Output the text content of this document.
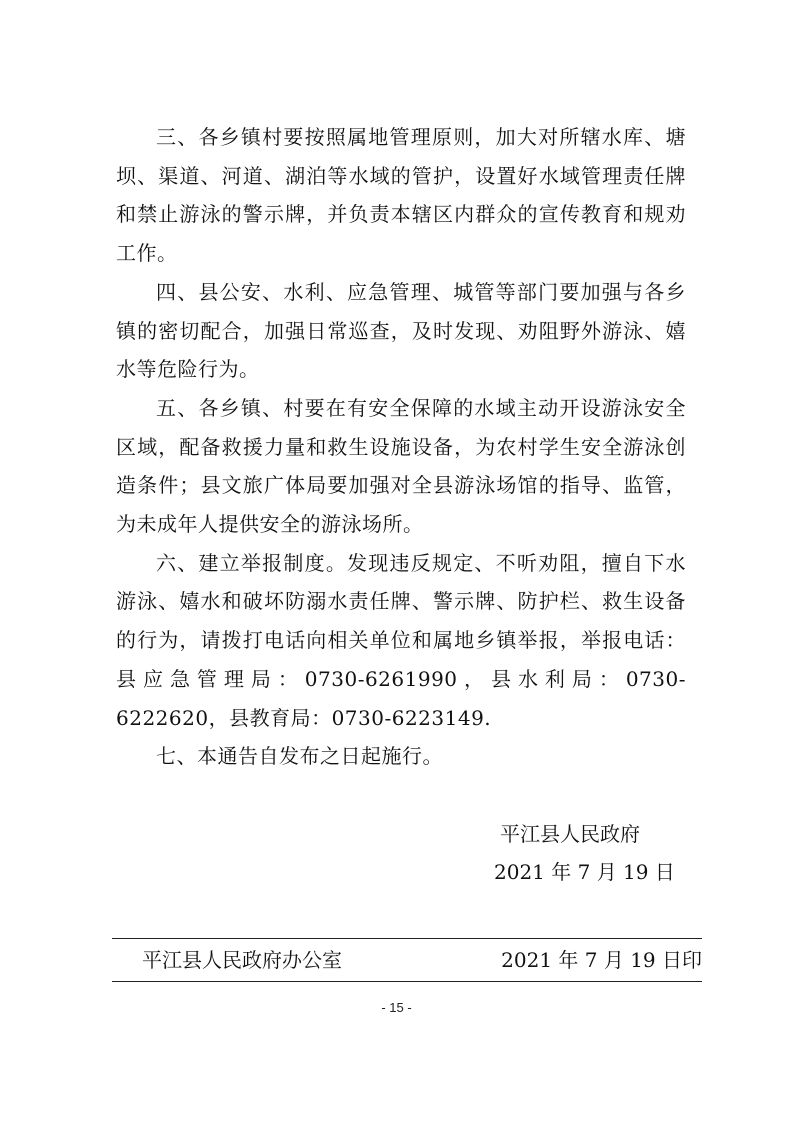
三、各乡镇村要按照属地管理原则，加大对所辖水库、塘坝、渠道、河道、湖泊等水域的管护，设置好水域管理责任牌和禁止游泳的警示牌，并负责本辖区内群众的宣传教育和规劝工作。

四、县公安、水利、应急管理、城管等部门要加强与各乡镇的密切配合，加强日常巡查，及时发现、劝阻野外游泳、嬉水等危险行为。

五、各乡镇、村要在有安全保障的水域主动开设游泳安全区域，配备救援力量和救生设施设备，为农村学生安全游泳创造条件；县文旅广体局要加强对全县游泳场馆的指导、监管，为未成年人提供安全的游泳场所。

六、建立举报制度。发现违反规定、不听劝阻，擅自下水游泳、嬉水和破坏防溺水责任牌、警示牌、防护栏、救生设备的行为，请拨打电话向相关单位和属地乡镇举报，举报电话：县应急管理局：0730-6261990，县水利局：0730-6222620，县教育局：0730-6223149.

七、本通告自发布之日起施行。

平江县人民政府
2021 年 7 月 19 日
平江县人民政府办公室	2021 年 7 月 19 日印
- 15 -
